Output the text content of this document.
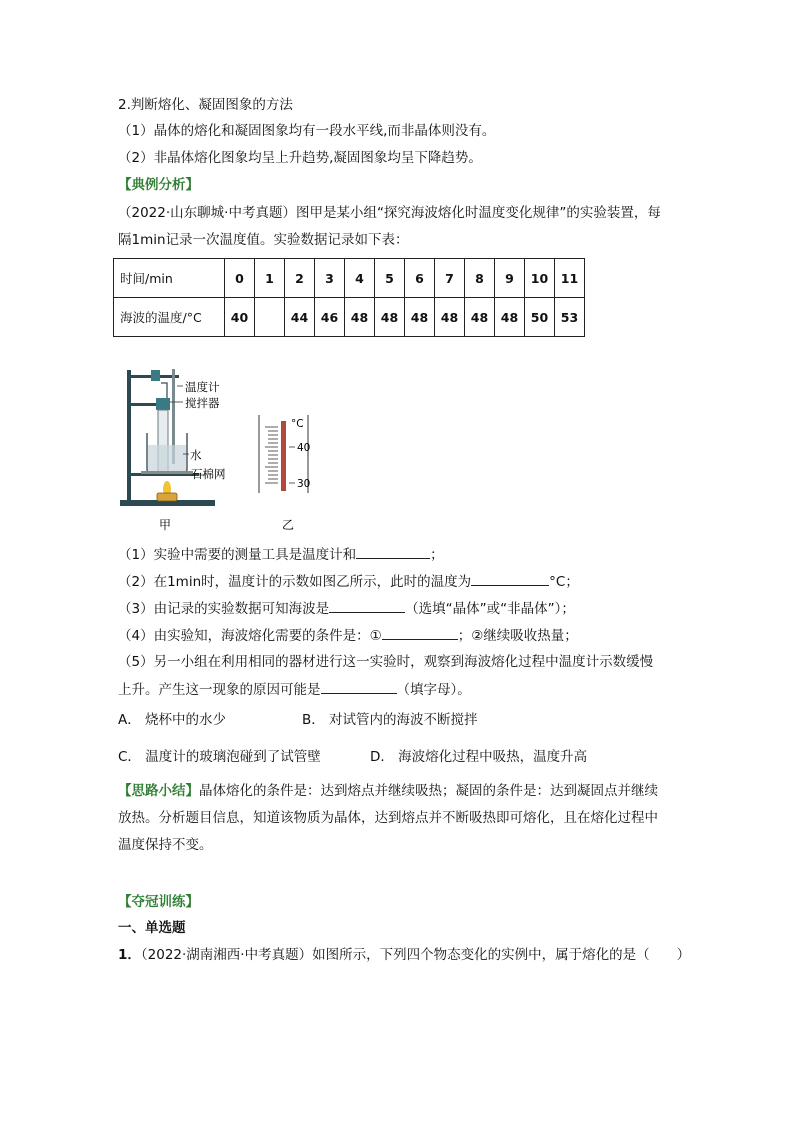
2.判断熔化、凝固图象的方法
（1）晶体的熔化和凝固图象均有一段水平线,而非晶体则没有。
（2）非晶体熔化图象均呈上升趋势,凝固图象均呈下降趋势。
【典例分析】
（2022·山东聊城·中考真题）图甲是某小组“探究海波熔化时温度变化规律”的实验装置，每
隔1min记录一次温度值。实验数据记录如下表：
时间/min	0	1	2	3	4	5	6	7	8	9	10	11
海波的温度/°C	40		44	46	48	48	48	48	48	48	50	53
温度计
搅拌器
水
石棉网
°C
40
30
甲	乙
（1）实验中需要的测量工具是温度计和	；
（2）在1min时，温度计的示数如图乙所示，此时的温度为	°C；
（3）由记录的实验数据可知海波是	（选填“晶体”或“非晶体”）；
（4）由实验知，海波熔化需要的条件是：①	；②继续吸收热量；
（5）另一小组在利用相同的器材进行这一实验时，观察到海波熔化过程中温度计示数缓慢
上升。产生这一现象的原因可能是	（填字母）。
A． 烧杯中的水少	B． 对试管内的海波不断搅拌
C． 温度计的玻璃泡碰到了试管壁	D． 海波熔化过程中吸热，温度升高
【思路小结】晶体熔化的条件是：达到熔点并继续吸热；凝固的条件是：达到凝固点并继续
放热。分析题目信息，知道该物质为晶体，达到熔点并不断吸热即可熔化，且在熔化过程中
温度保持不变。
【夺冠训练】
一、单选题
1．（2022·湖南湘西·中考真题）如图所示，下列四个物态变化的实例中，属于熔化的是（　　）
